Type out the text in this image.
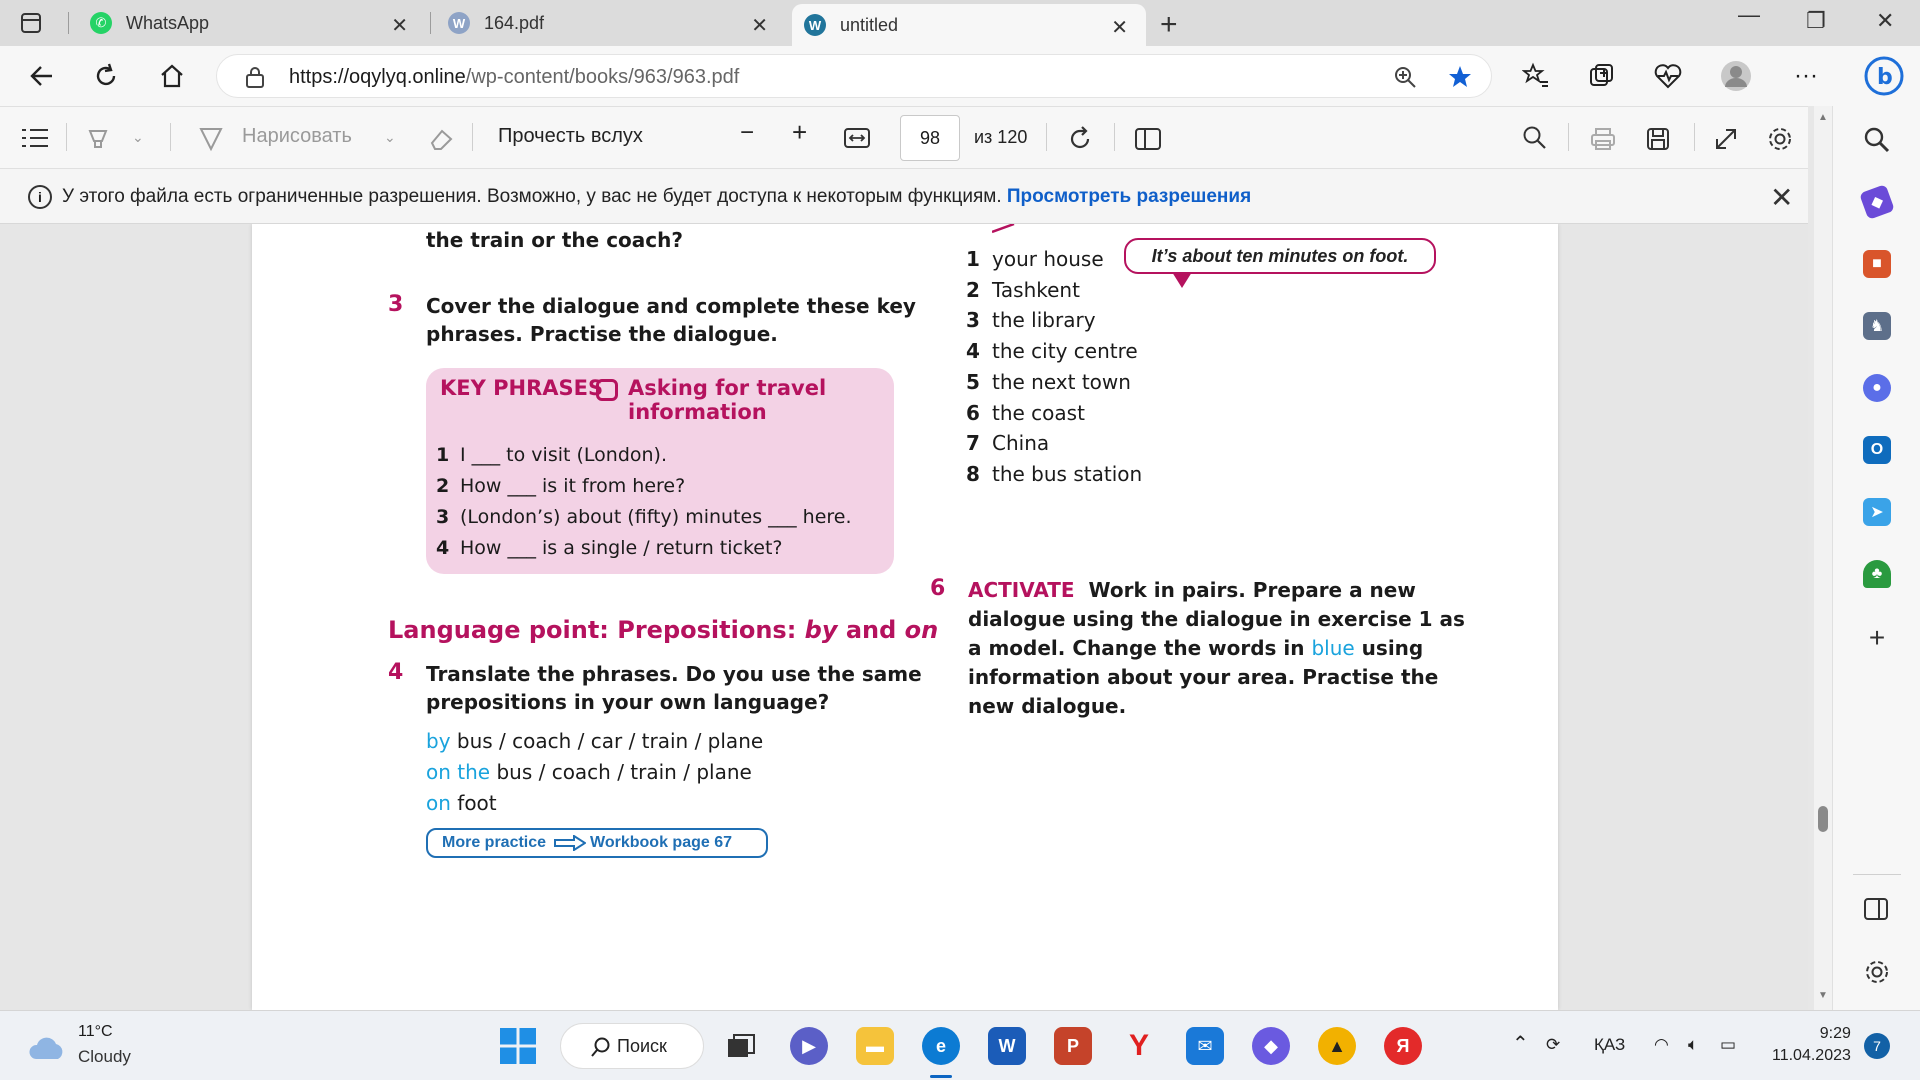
✆	WhatsApp	✕	W 164.pdf	✕	W untitled	✕ +	— ❐ ✕
https://oqylyq.online/wp-content/books/963/963.pdf	···	b
⌄	Нарисовать ⌄	Прочесть вслух	− +	98	из 120
i	У этого файла есть ограниченные разрешения. Возможно, у вас не будет доступа к некоторым функциям. Просмотреть разрешения	✕
the train or the coach?
It’s about ten minutes on foot.
3 Cover the dialogue and complete these key
phrases. Practise the dialogue.
KEY PHRASES Asking for travel
information
1 I ___ to visit (London).
2 How ___ is it from here?
3 (London’s) about (fifty) minutes ___ here.
4 How ___ is a single / return ticket?
Language point: Prepositions: by and on
4 Translate the phrases. Do you use the same
prepositions in your own language?
by bus / coach / car / train / plane
on the bus / coach / train / plane
on foot
More practice	Workbook page 67
1 your house
2 Tashkent
3 the library
4 the city centre
5 the next town
6 the coast
7 China
8 the bus station
6 ACTIVATE Work in pairs. Prepare a new
dialogue using the dialogue in exercise 1 as
a model. Change the words in blue using
information about your area. Practise the
new dialogue.
▲
▼
◆
■
♞
●
O
➤
♣
+
11°C
Cloudy
Поиск	▶	▬	e	W	P	Y	✉	◆	▲	Я	⌃ ⟳ ҚАЗ ◠ 🔈︎ ▭
9:29
11.04.2023
7
